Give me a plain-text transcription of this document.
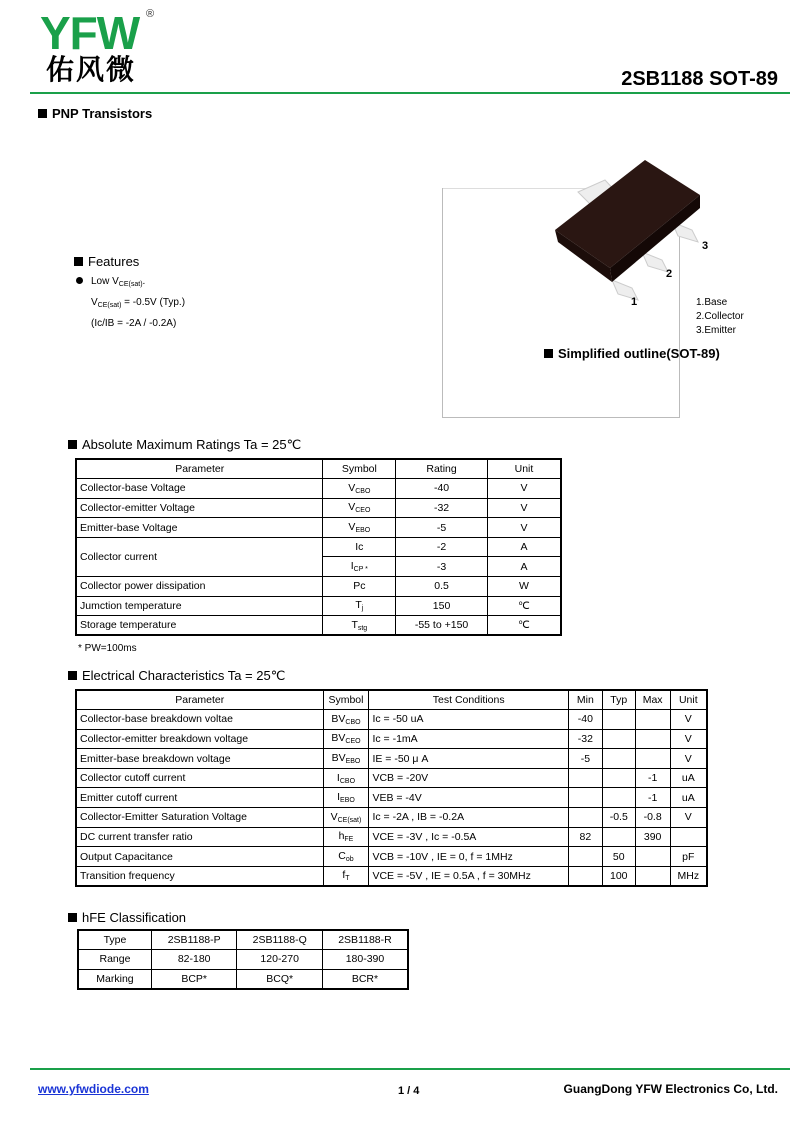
YFW ®
佑风微	2SB1188 SOT-89
PNP Transistors
Features
Low $V_{CE(sat)}$.
$V_{CE(sat)} = -0.5V$ (Typ.)
(Ic/IB = -2A / -0.2A)
1
2
3
1.Base
2.Collector
3.Emitter
Simplified outline(SOT-89)
Absolute Maximum Ratings Ta = 25℃
Parameter	Symbol	Rating	Unit
Collector-base Voltage	$V_{CBO}$	-40	V
Collector-emitter Voltage	$V_{CEO}$	-32	V
Emitter-base Voltage	$V_{EBO}$	-5	V
Collector current	Ic	-2	A
	$I_{CP *}$	-3	A
Collector power dissipation	Pc	0.5	W
Jumction temperature	$T_j$	150	℃
Storage temperature	$T_{stg}$	-55 to +150	℃
* PW=100ms
Electrical Characteristics Ta = 25℃
Parameter	Symbol	Test Conditions	Min	Typ	Max	Unit
Collector-base breakdown voltae	$BV_{CBO}$	Ic = -50 uA	-40			V
Collector-emitter breakdown voltage	$BV_{CEO}$	Ic = -1mA	-32			V
Emitter-base breakdown voltage	$BV_{EBO}$	IE = -50 μ A	-5			V
Collector cutoff current	$I_{CBO}$	VCB = -20V			-1	uA
Emitter cutoff current	$I_{EBO}$	VEB = -4V			-1	uA
Collector-Emitter Saturation Voltage	$V_{CE(sat)}$	Ic = -2A , IB = -0.2A		-0.5	-0.8	V
DC current transfer ratio	$h_{FE}$	VCE = -3V , Ic = -0.5A	82		390	
Output Capacitance	$C_{ob}$	VCB = -10V , IE = 0, f = 1MHz		50		pF
Transition frequency	$f_T$	VCE = -5V , IE = 0.5A , f = 30MHz		100		MHz
hFE Classification
Type	2SB1188-P	2SB1188-Q	2SB1188-R
Range	82-180	120-270	180-390
Marking	BCP*	BCQ*	BCR*
www.yfwdiode.com	1 / 4	GuangDong YFW Electronics Co, Ltd.
